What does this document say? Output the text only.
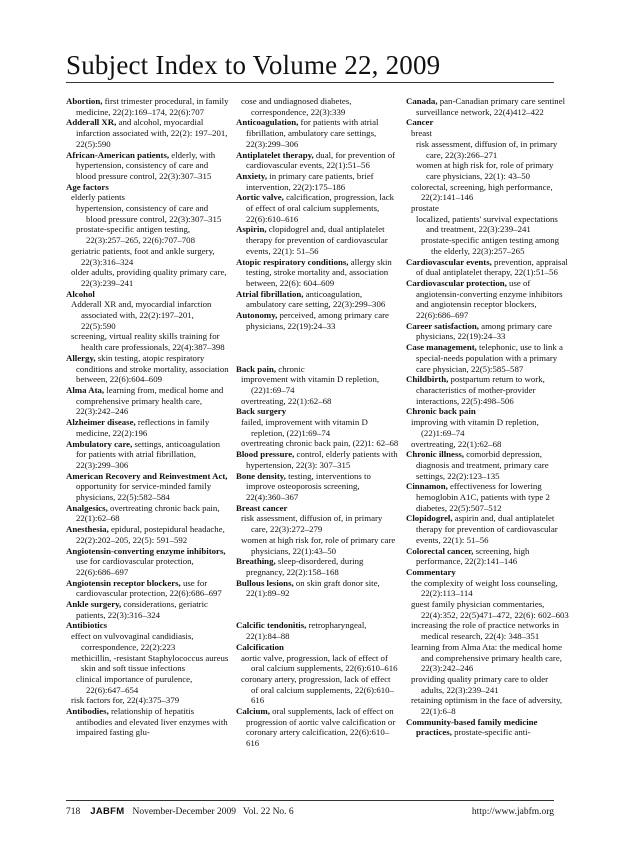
Subject Index to Volume 22, 2009

Abortion, first trimester procedural, in family medicine, 22(2):169–174, 22(6):707

Adderall XR, and alcohol, myocardial infarction associated with, 22(2): 197–201, 22(5):590

African-American patients, elderly, with hypertension, consistency of care and blood pressure control, 22(3):307–315

Age factors

elderly patients

hypertension, consistency of care and blood pressure control, 22(3):307–315

prostate-specific antigen testing, 22(3):257–265, 22(6):707–708

geriatric patients, foot and ankle surgery, 22(3):316–324

older adults, providing quality primary care, 22(3):239–241

Alcohol

Adderall XR and, myocardial infarction associated with, 22(2):197–201, 22(5):590

screening, virtual reality skills training for health care professionals, 22(4):387–398

Allergy, skin testing, atopic respiratory conditions and stroke mortality, association between, 22(6):604–609

Alma Ata, learning from, medical home and comprehensive primary health care, 22(3):242–246

Alzheimer disease, reflections in family medicine, 22(2):196

Ambulatory care, settings, anticoagulation for patients with atrial fibrillation, 22(3):299–306

American Recovery and Reinvestment Act, opportunity for service-minded family physicians, 22(5):582–584

Analgesics, overtreating chronic back pain, 22(1):62–68

Anesthesia, epidural, postepidural headache, 22(2):202–205, 22(5): 591–592

Angiotensin-converting enzyme inhibitors, use for cardiovascular protection, 22(6):686–697

Angiotensin receptor blockers, use for cardiovascular protection, 22(6):686–697

Ankle surgery, considerations, geriatric patients, 22(3):316–324

Antibiotics

effect on vulvovaginal candidiasis, correspondence, 22(2):223

methicillin, -resistant Staphylococcus aureus skin and soft tissue infections

clinical importance of purulence, 22(6):647–654

risk factors for, 22(4):375–379

Antibodies, relationship of hepatitis antibodies and elevated liver enzymes with impaired fasting glu-

cose and undiagnosed diabetes, correspondence, 22(3):339

Anticoagulation, for patients with atrial fibrillation, ambulatory care settings, 22(3):299–306

Antiplatelet therapy, dual, for prevention of cardiovascular events, 22(1):51–56

Anxiety, in primary care patients, brief intervention, 22(2):175–186

Aortic valve, calcification, progression, lack of effect of oral calcium supplements, 22(6):610–616

Aspirin, clopidogrel and, dual antiplatelet therapy for prevention of cardiovascular events, 22(1): 51–56

Atopic respiratory conditions, allergy skin testing, stroke mortality and, association between, 22(6): 604–609

Atrial fibrillation, anticoagulation, ambulatory care setting, 22(3):299–306

Autonomy, perceived, among primary care physicians, 22(19):24–33

Back pain, chronic

improvement with vitamin D repletion, (22)1:69–74

overtreating, 22(1):62–68

Back surgery

failed, improvement with vitamin D repletion, (22)1:69–74

overtreating chronic back pain, (22)1: 62–68

Blood pressure, control, elderly patients with hypertension, 22(3): 307–315

Bone density, testing, interventions to improve osteoporosis screening, 22(4):360–367

Breast cancer

risk assessment, diffusion of, in primary care, 22(3):272–279

women at high risk for, role of primary care physicians, 22(1):43–50

Breathing, sleep-disordered, during pregnancy, 22(2):158–168

Bullous lesions, on skin graft donor site, 22(1):89–92

Calcific tendonitis, retropharyngeal, 22(1):84–88

Calcification

aortic valve, progression, lack of effect of oral calcium supplements, 22(6):610–616

coronary artery, progression, lack of effect of oral calcium supplements, 22(6):610–616

Calcium, oral supplements, lack of effect on progression of aortic valve calcification or coronary artery calcification, 22(6):610–616

Canada, pan-Canadian primary care sentinel surveillance network, 22(4)412–422

Cancer

breast

risk assessment, diffusion of, in primary care, 22(3):266–271

women at high risk for, role of primary care physicians, 22(1): 43–50

colorectal, screening, high performance, 22(2):141–146

prostate

localized, patients' survival expectations and treatment, 22(3):239–241

prostate-specific antigen testing among the elderly, 22(3):257–265

Cardiovascular events, prevention, appraisal of dual antiplatelet therapy, 22(1):51–56

Cardiovascular protection, use of angiotensin-converting enzyme inhibitors and angiotensin receptor blockers, 22(6):686–697

Career satisfaction, among primary care physicians, 22(19):24–33

Case management, telephonic, use to link a special-needs population with a primary care physician, 22(5):585–587

Childbirth, postpartum return to work, characteristics of mother-provider interactions, 22(5):498–506

Chronic back pain

improving with vitamin D repletion, (22)1:69–74

overtreating, 22(1):62–68

Chronic illness, comorbid depression, diagnosis and treatment, primary care settings, 22(2):123–135

Cinnamon, effectiveness for lowering hemoglobin A1C, patients with type 2 diabetes, 22(5):507–512

Clopidogrel, aspirin and, dual antiplatelet therapy for prevention of cardiovascular events, 22(1): 51–56

Colorectal cancer, screening, high performance, 22(2):141–146

Commentary

the complexity of weight loss counseling, 22(2):113–114

guest family physician commentaries, 22(4):352, 22(5)471–472, 22(6): 602–603

increasing the role of practice networks in medical research, 22(4): 348–351

learning from Alma Ata: the medical home and comprehensive primary health care, 22(3):242–246

providing quality primary care to older adults, 22(3):239–241

retaining optimism in the face of adversity, 22(1):6–8

Community-based family medicine practices, prostate-specific anti-

718 JABFM November-December 2009   Vol. 22 No. 6	http://www.jabfm.org
